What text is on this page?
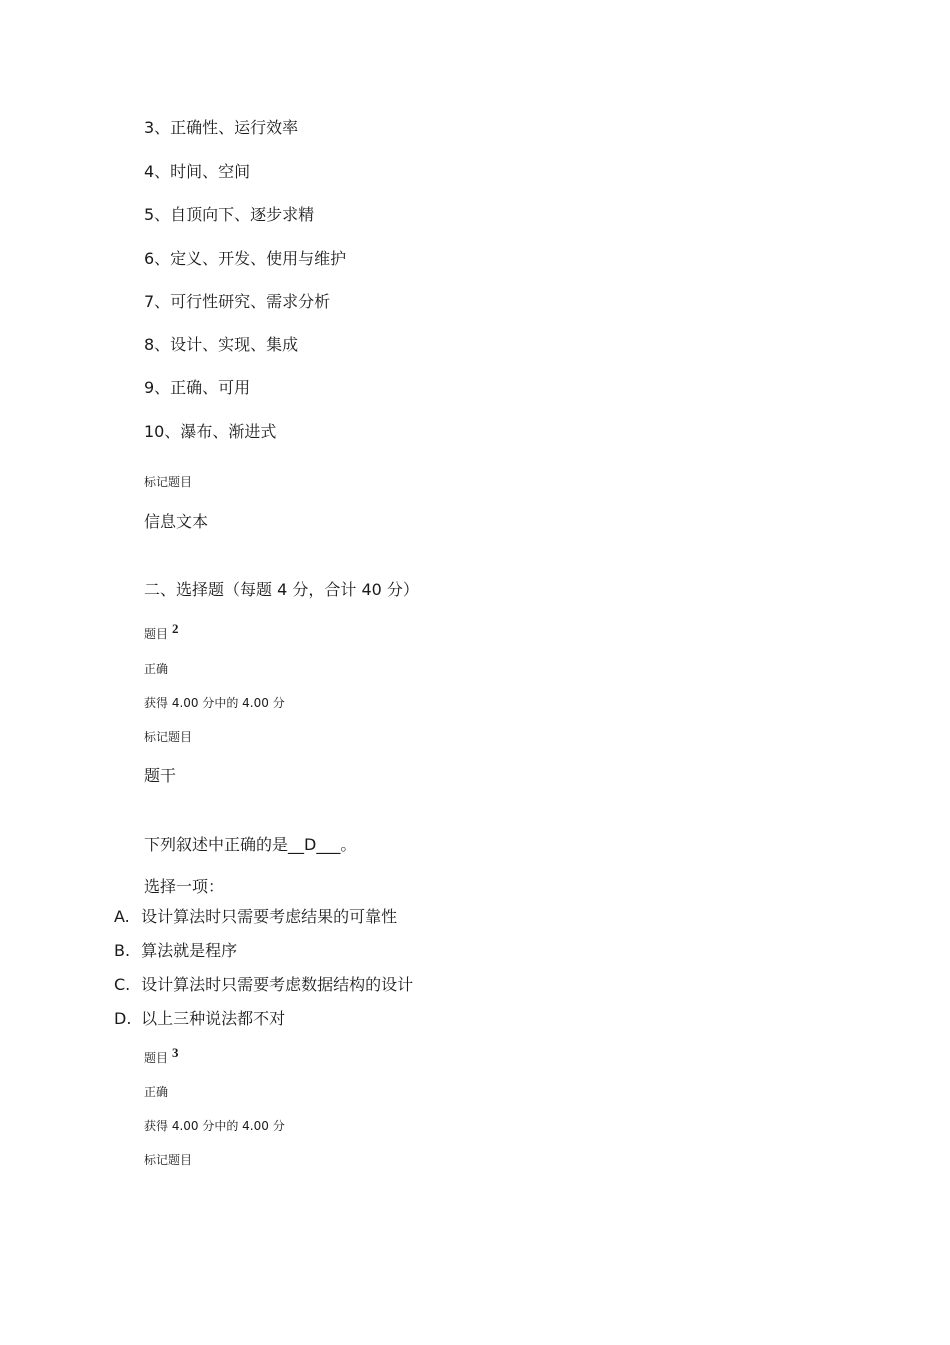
3、正确性、运行效率
4、时间、空间
5、自顶向下、逐步求精
6、定义、开发、使用与维护
7、可行性研究、需求分析
8、设计、实现、集成
9、正确、可用
10、瀑布、渐进式
标记题目
信息文本
二、选择题（每题 4 分，合计 40 分）
题目 2
正确
获得 4.00 分中的 4.00 分
标记题目
题干
下列叙述中正确的是__D___。
选择一项：
A. 设计算法时只需要考虑结果的可靠性
B. 算法就是程序
C. 设计算法时只需要考虑数据结构的设计
D. 以上三种说法都不对
题目 3
正确
获得 4.00 分中的 4.00 分
标记题目
